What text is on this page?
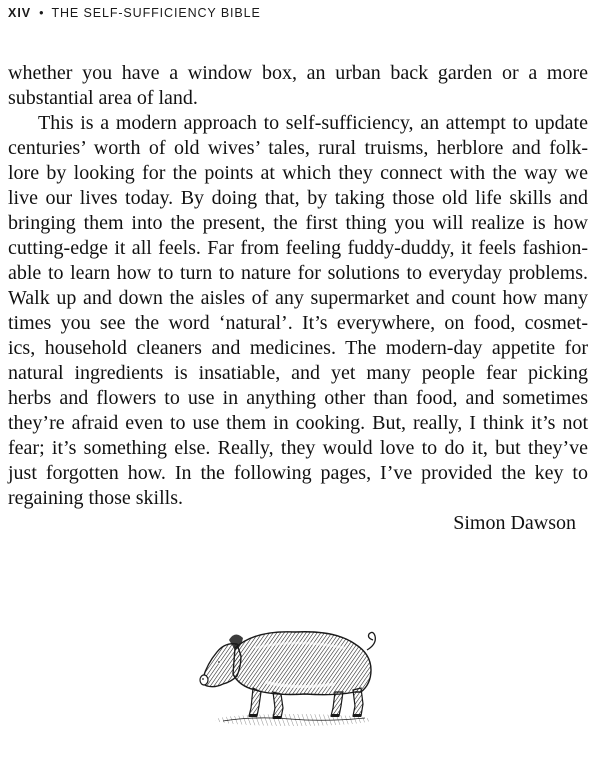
XIV • THE SELF-SUFFICIENCY BIBLE
whether you have a window box, an urban back garden or a more
substantial area of land.
This is a modern approach to self-sufficiency, an attempt to update
centuries’ worth of old wives’ tales, rural truisms, herblore and folk-
lore by looking for the points at which they connect with the way we
live our lives today. By doing that, by taking those old life skills and
bringing them into the present, the first thing you will realize is how
cutting-edge it all feels. Far from feeling fuddy-duddy, it feels fashion-
able to learn how to turn to nature for solutions to everyday problems.
Walk up and down the aisles of any supermarket and count how many
times you see the word ‘natural’. It’s everywhere, on food, cosmet-
ics, household cleaners and medicines. The modern-day appetite for
natural ingredients is insatiable, and yet many people fear picking
herbs and flowers to use in anything other than food, and sometimes
they’re afraid even to use them in cooking. But, really, I think it’s not
fear; it’s something else. Really, they would love to do it, but they’ve
just forgotten how. In the following pages, I’ve provided the key to
regaining those skills.
Simon Dawson
